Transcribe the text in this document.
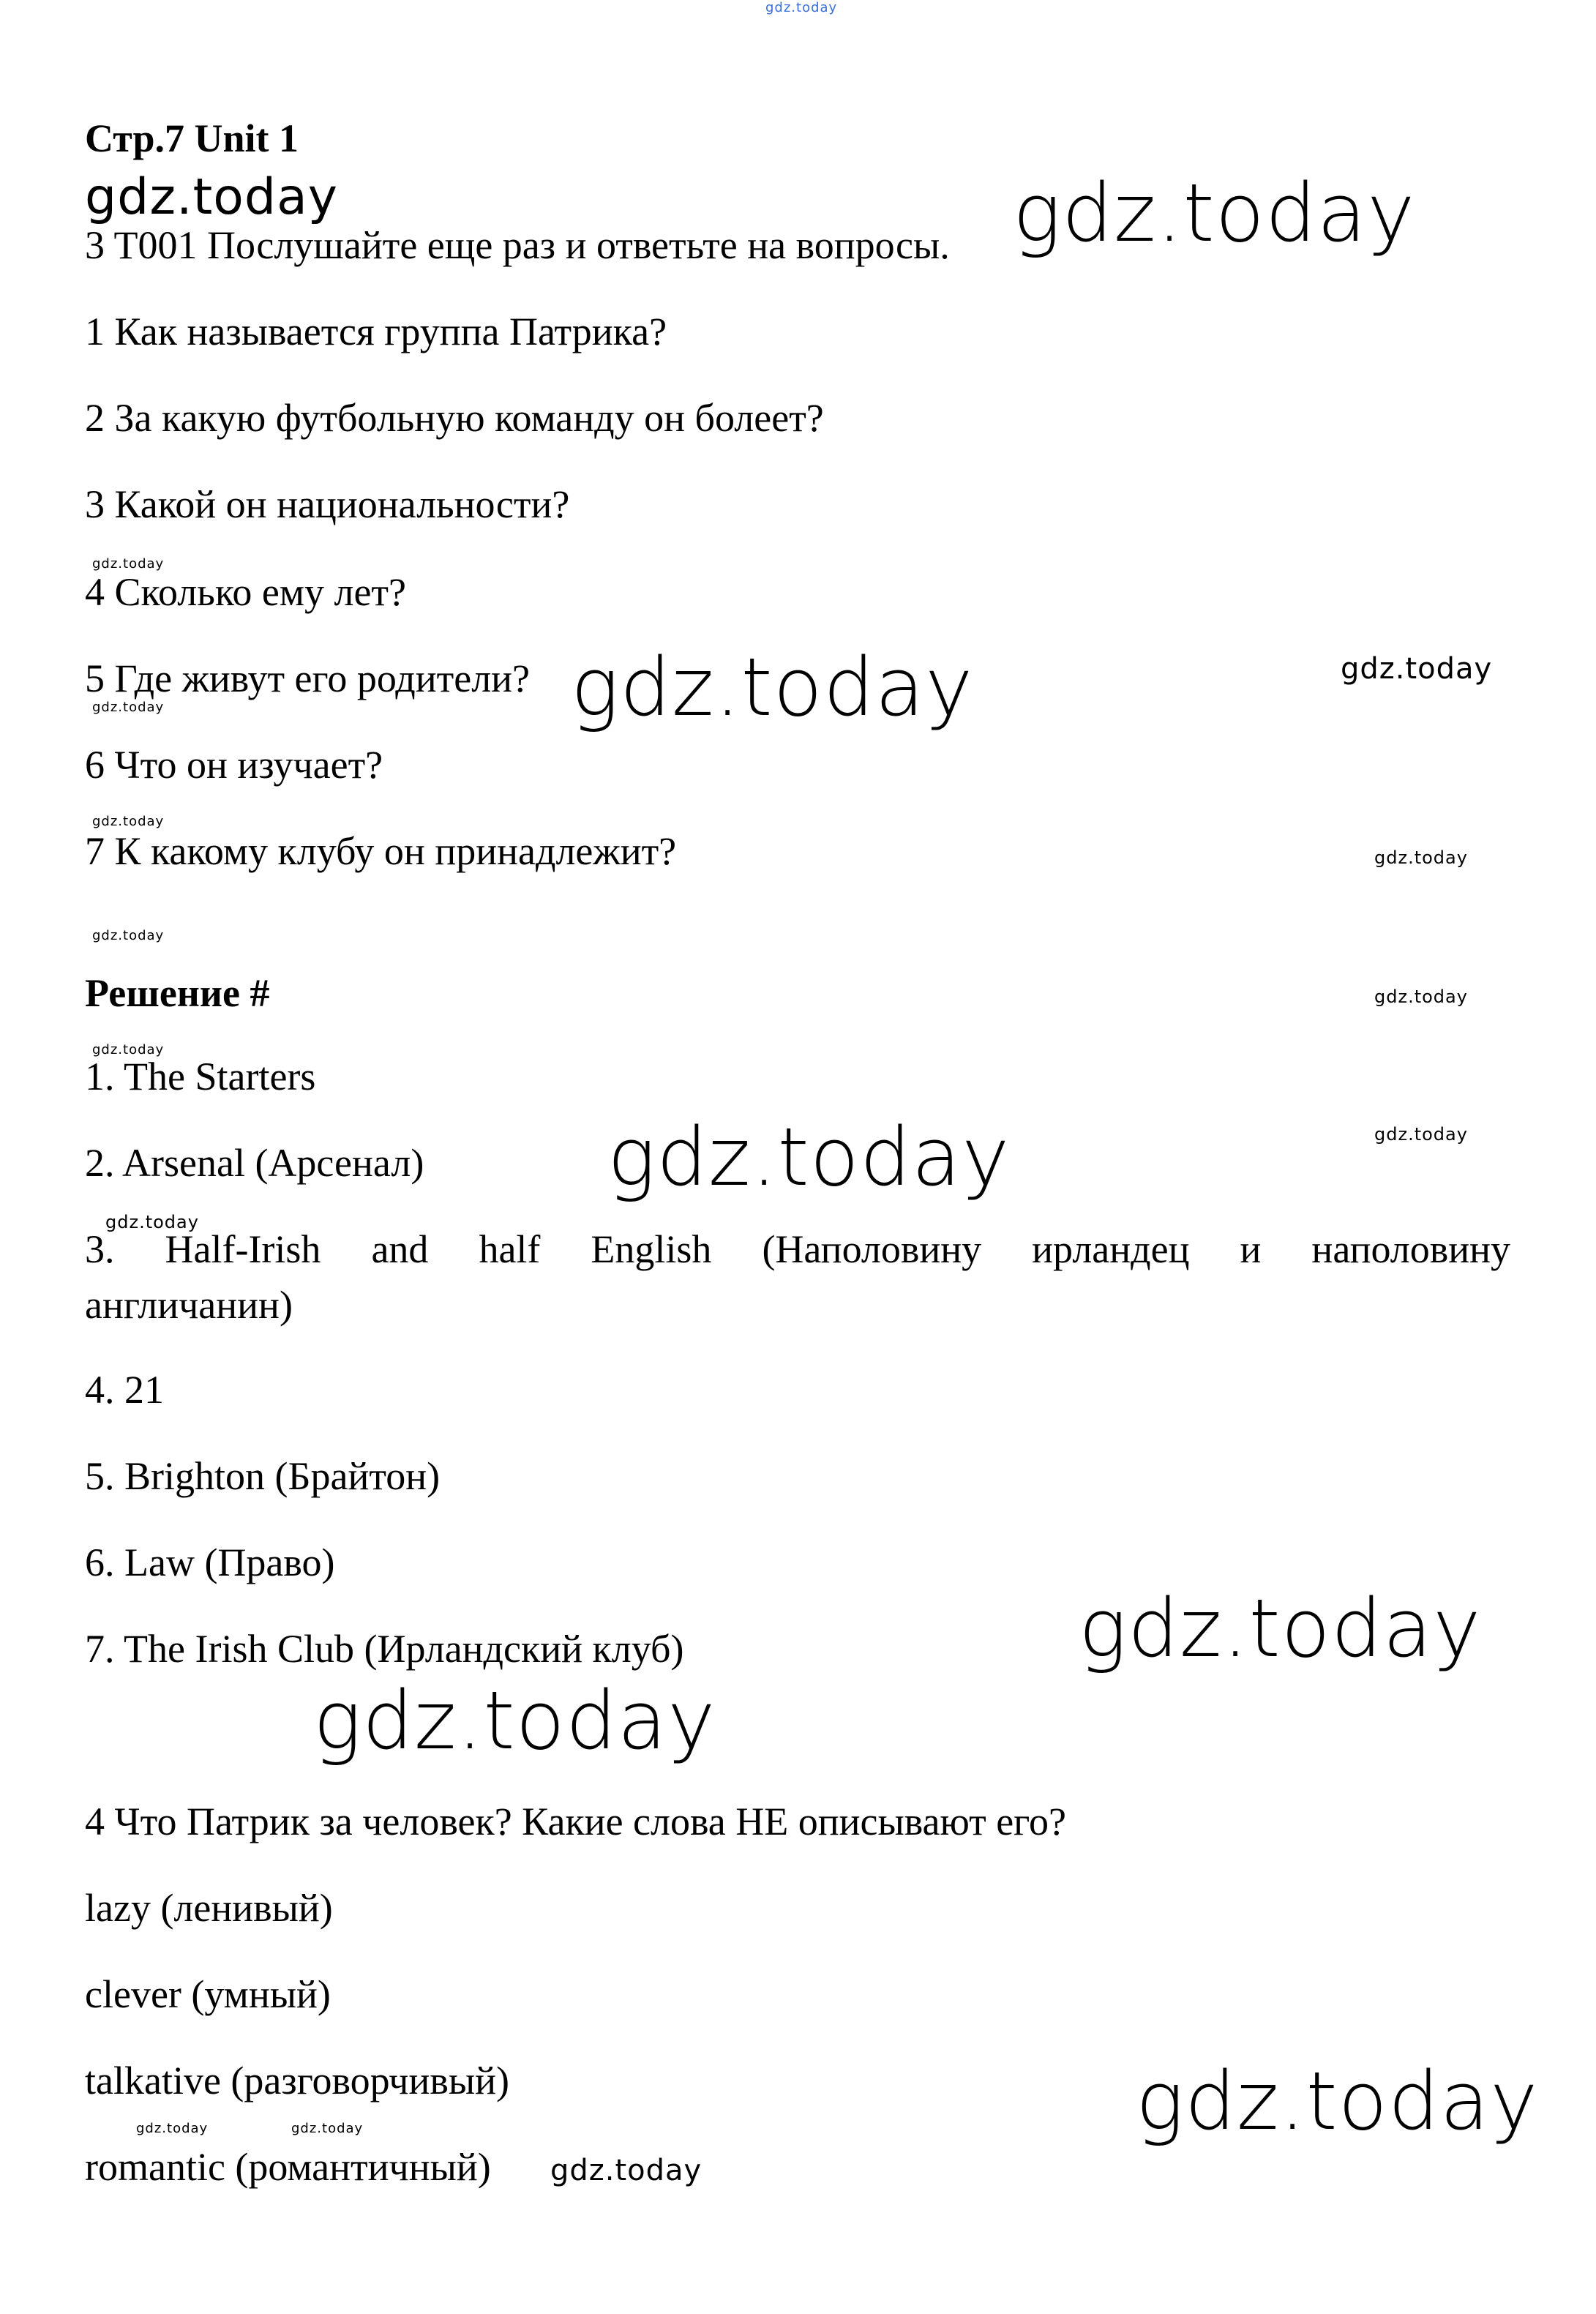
gdz.today
Стр.7 Unit 1
3 T001 Послушайте еще раз и ответьте на вопросы.
1 Как называется группа Патрика?
2 За какую футбольную команду он болеет?
3 Какой он национальности?
4 Сколько ему лет?
5 Где живут его родители?
6 Что он изучает?
7 К какому клубу он принадлежит?
Решение #
1. The Starters
2. Arsenal (Арсенал)
3. Half-Irish and half English (Наполовину ирландец и наполовину
англичанин)
4. 21
5. Brighton (Брайтон)
6. Law (Право)
7. The Irish Club (Ирландский клуб)
4 Что Патрик за человек? Какие слова НЕ описывают его?
lazy (ленивый)
clever (умный)
talkative (разговорчивый)
romantic (романтичный)
gdz.today
gdz.today
gdz.today
gdz.today
gdz.today
gdz.today
gdz.today
gdz.today
gdz.today
gdz.today
gdz.today
gdz.today
gdz.today
gdz.today
gdz.today
gdz.today
gdz.today
gdz.today
gdz.today	gdz.today
